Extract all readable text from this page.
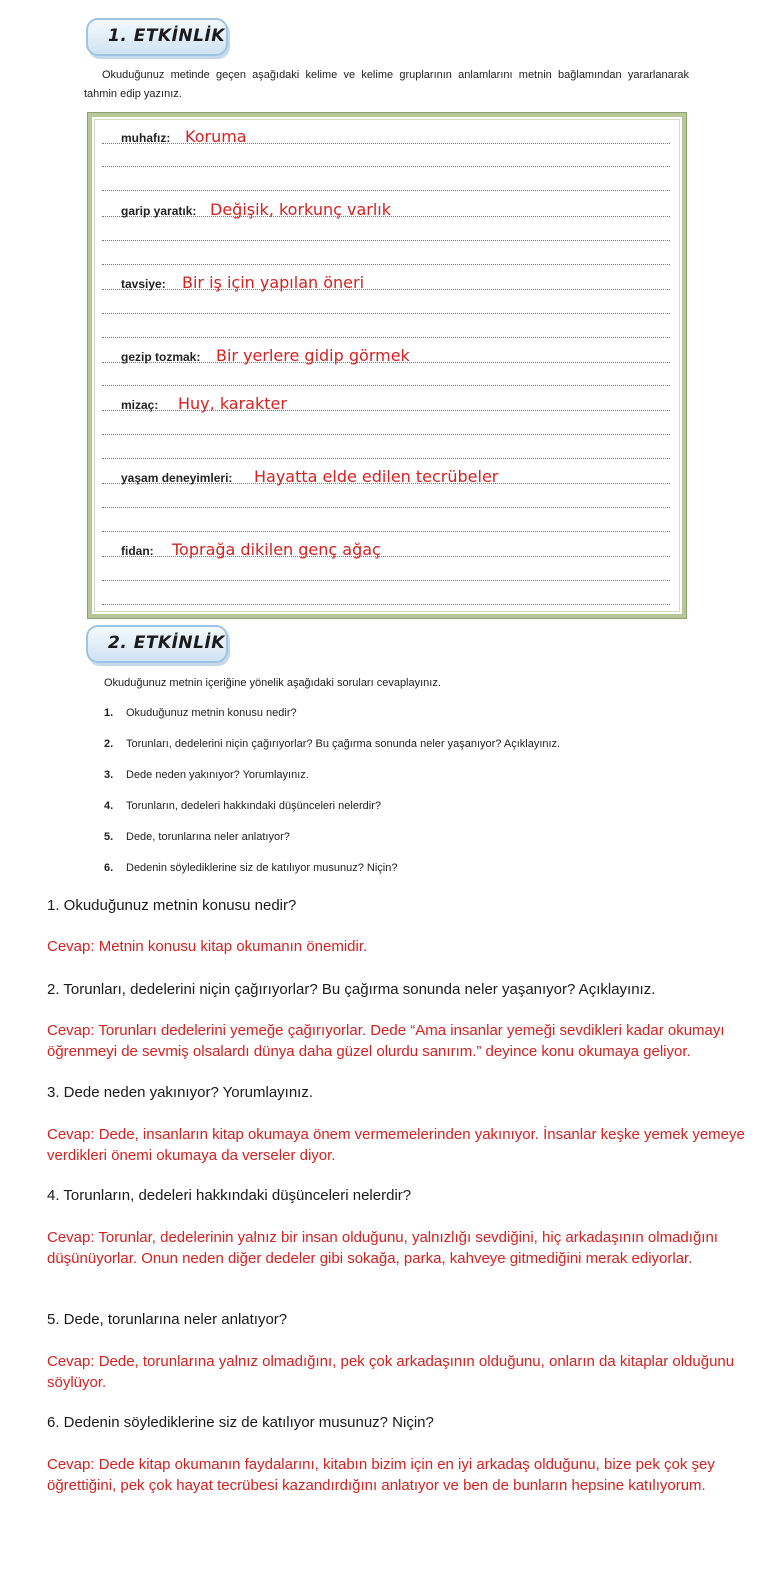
1. ETKİNLİK
Okuduğunuz metinde geçen aşağıdaki kelime ve kelime gruplarının anlamlarını metnin bağlamından yararlanarak tahmin edip yazınız.
muhafız: Koruma
garip yaratık: Değişik, korkunç varlık
tavsiye: Bir iş için yapılan öneri
gezip tozmak: Bir yerlere gidip görmek
mizaç: Huy, karakter
yaşam deneyimleri: Hayatta elde edilen tecrübeler
fidan: Toprağa dikilen genç ağaç
2. ETKİNLİK
Okuduğunuz metnin içeriğine yönelik aşağıdaki soruları cevaplayınız.
1. Okuduğunuz metnin konusu nedir?
2. Torunları, dedelerini niçin çağırıyorlar? Bu çağırma sonunda neler yaşanıyor? Açıklayınız.
3. Dede neden yakınıyor? Yorumlayınız.
4. Torunların, dedeleri hakkındaki düşünceleri nelerdir?
5. Dede, torunlarına neler anlatıyor?
6. Dedenin söylediklerine siz de katılıyor musunuz? Niçin?
1. Okuduğunuz metnin konusu nedir?
Cevap: Metnin konusu kitap okumanın önemidir.
2. Torunları, dedelerini niçin çağırıyorlar? Bu çağırma sonunda neler yaşanıyor? Açıklayınız.
Cevap: Torunları dedelerini yemeğe çağırıyorlar. Dede “Ama insanlar yemeği sevdikleri kadar okumayı öğrenmeyi de sevmiş olsalardı dünya daha güzel olurdu sanırım.” deyince konu okumaya geliyor.
3. Dede neden yakınıyor? Yorumlayınız.
Cevap: Dede, insanların kitap okumaya önem vermemelerinden yakınıyor. İnsanlar keşke yemek yemeye verdikleri önemi okumaya da verseler diyor.
4. Torunların, dedeleri hakkındaki düşünceleri nelerdir?
Cevap: Torunlar, dedelerinin yalnız bir insan olduğunu, yalnızlığı sevdiğini, hiç arkadaşının olmadığını düşünüyorlar. Onun neden diğer dedeler gibi sokağa, parka, kahveye gitmediğini merak ediyorlar.
5. Dede, torunlarına neler anlatıyor?
Cevap: Dede, torunlarına yalnız olmadığını, pek çok arkadaşının olduğunu, onların da kitaplar olduğunu söylüyor.
6. Dedenin söylediklerine siz de katılıyor musunuz? Niçin?
Cevap: Dede kitap okumanın faydalarını, kitabın bizim için en iyi arkadaş olduğunu, bize pek çok şey öğrettiğini, pek çok hayat tecrübesi kazandırdığını anlatıyor ve ben de bunların hepsine katılıyorum.
